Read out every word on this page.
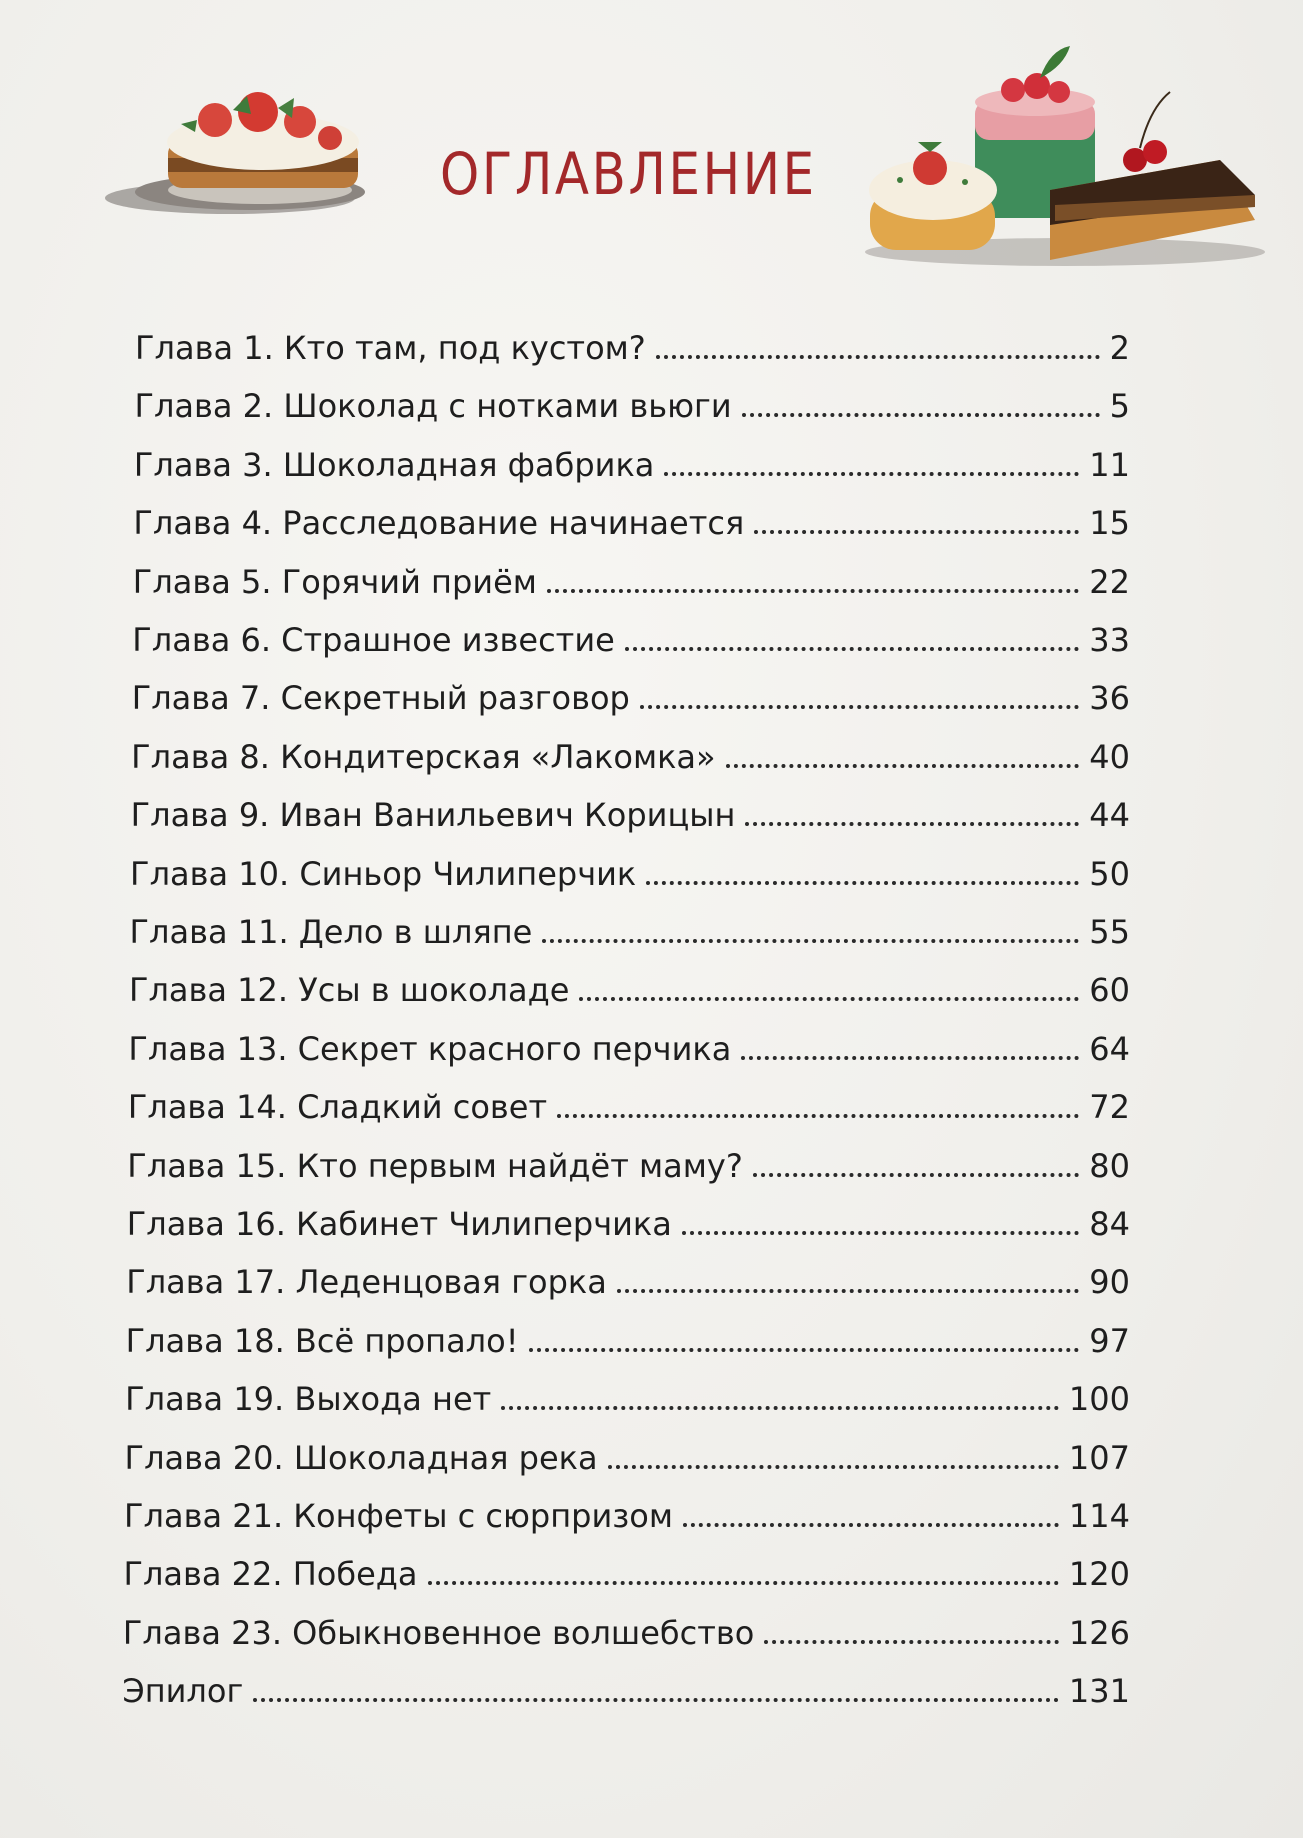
ОГЛАВЛЕНИЕ
Глава 1. Кто там, под кустом?	2
Глава 2. Шоколад с нотками вьюги	5
Глава 3. Шоколадная фабрика	11
Глава 4. Расследование начинается	15
Глава 5. Горячий приём	22
Глава 6. Страшное известие	33
Глава 7. Секретный разговор	36
Глава 8. Кондитерская «Лакомка»	40
Глава 9. Иван Ванильевич Корицын	44
Глава 10. Синьор Чилиперчик	50
Глава 11. Дело в шляпе	55
Глава 12. Усы в шоколаде	60
Глава 13. Секрет красного перчика	64
Глава 14. Сладкий совет	72
Глава 15. Кто первым найдёт маму?	80
Глава 16. Кабинет Чилиперчика	84
Глава 17. Леденцовая горка	90
Глава 18. Всё пропало!	97
Глава 19. Выхода нет	100
Глава 20. Шоколадная река	107
Глава 21. Конфеты с сюрпризом	114
Глава 22. Победа	120
Глава 23. Обыкновенное волшебство	126
Эпилог	131
